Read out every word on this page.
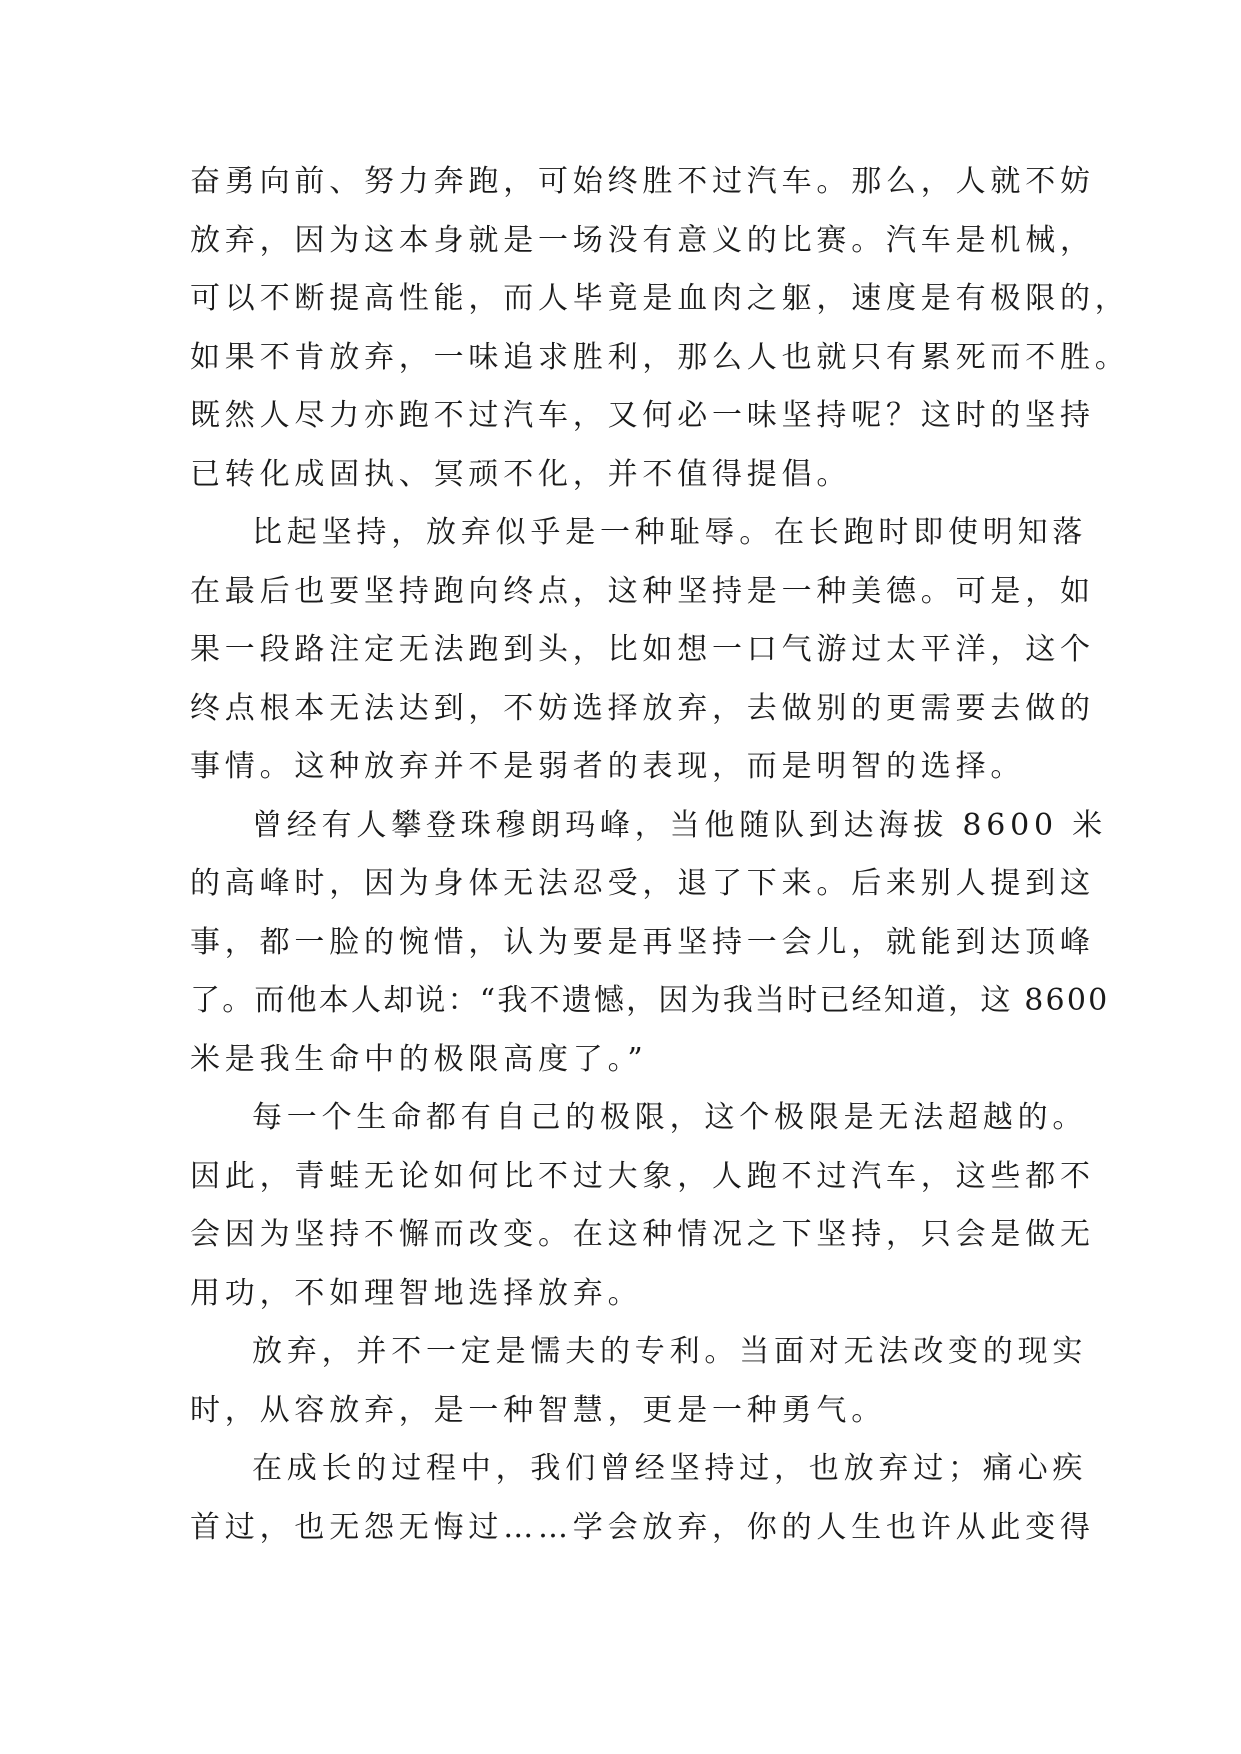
奋勇向前、努力奔跑，可始终胜不过汽车。那么，人就不妨
放弃，因为这本身就是一场没有意义的比赛。汽车是机械，
可以不断提高性能，而人毕竟是血肉之躯，速度是有极限的，
如果不肯放弃，一味追求胜利，那么人也就只有累死而不胜。
既然人尽力亦跑不过汽车，又何必一味坚持呢？这时的坚持
已转化成固执、冥顽不化，并不值得提倡。
比起坚持，放弃似乎是一种耻辱。在长跑时即使明知落
在最后也要坚持跑向终点，这种坚持是一种美德。可是，如
果一段路注定无法跑到头，比如想一口气游过太平洋，这个
终点根本无法达到，不妨选择放弃，去做别的更需要去做的
事情。这种放弃并不是弱者的表现，而是明智的选择。
曾经有人攀登珠穆朗玛峰，当他随队到达海拔 8600 米
的高峰时，因为身体无法忍受，退了下来。后来别人提到这
事，都一脸的惋惜，认为要是再坚持一会儿，就能到达顶峰
了。而他本人却说：“我不遗憾，因为我当时已经知道，这 8600
米是我生命中的极限高度了。”
每一个生命都有自己的极限，这个极限是无法超越的。
因此，青蛙无论如何比不过大象，人跑不过汽车，这些都不
会因为坚持不懈而改变。在这种情况之下坚持，只会是做无
用功，不如理智地选择放弃。
放弃，并不一定是懦夫的专利。当面对无法改变的现实
时，从容放弃，是一种智慧，更是一种勇气。
在成长的过程中，我们曾经坚持过，也放弃过；痛心疾
首过，也无怨无悔过……学会放弃，你的人生也许从此变得
